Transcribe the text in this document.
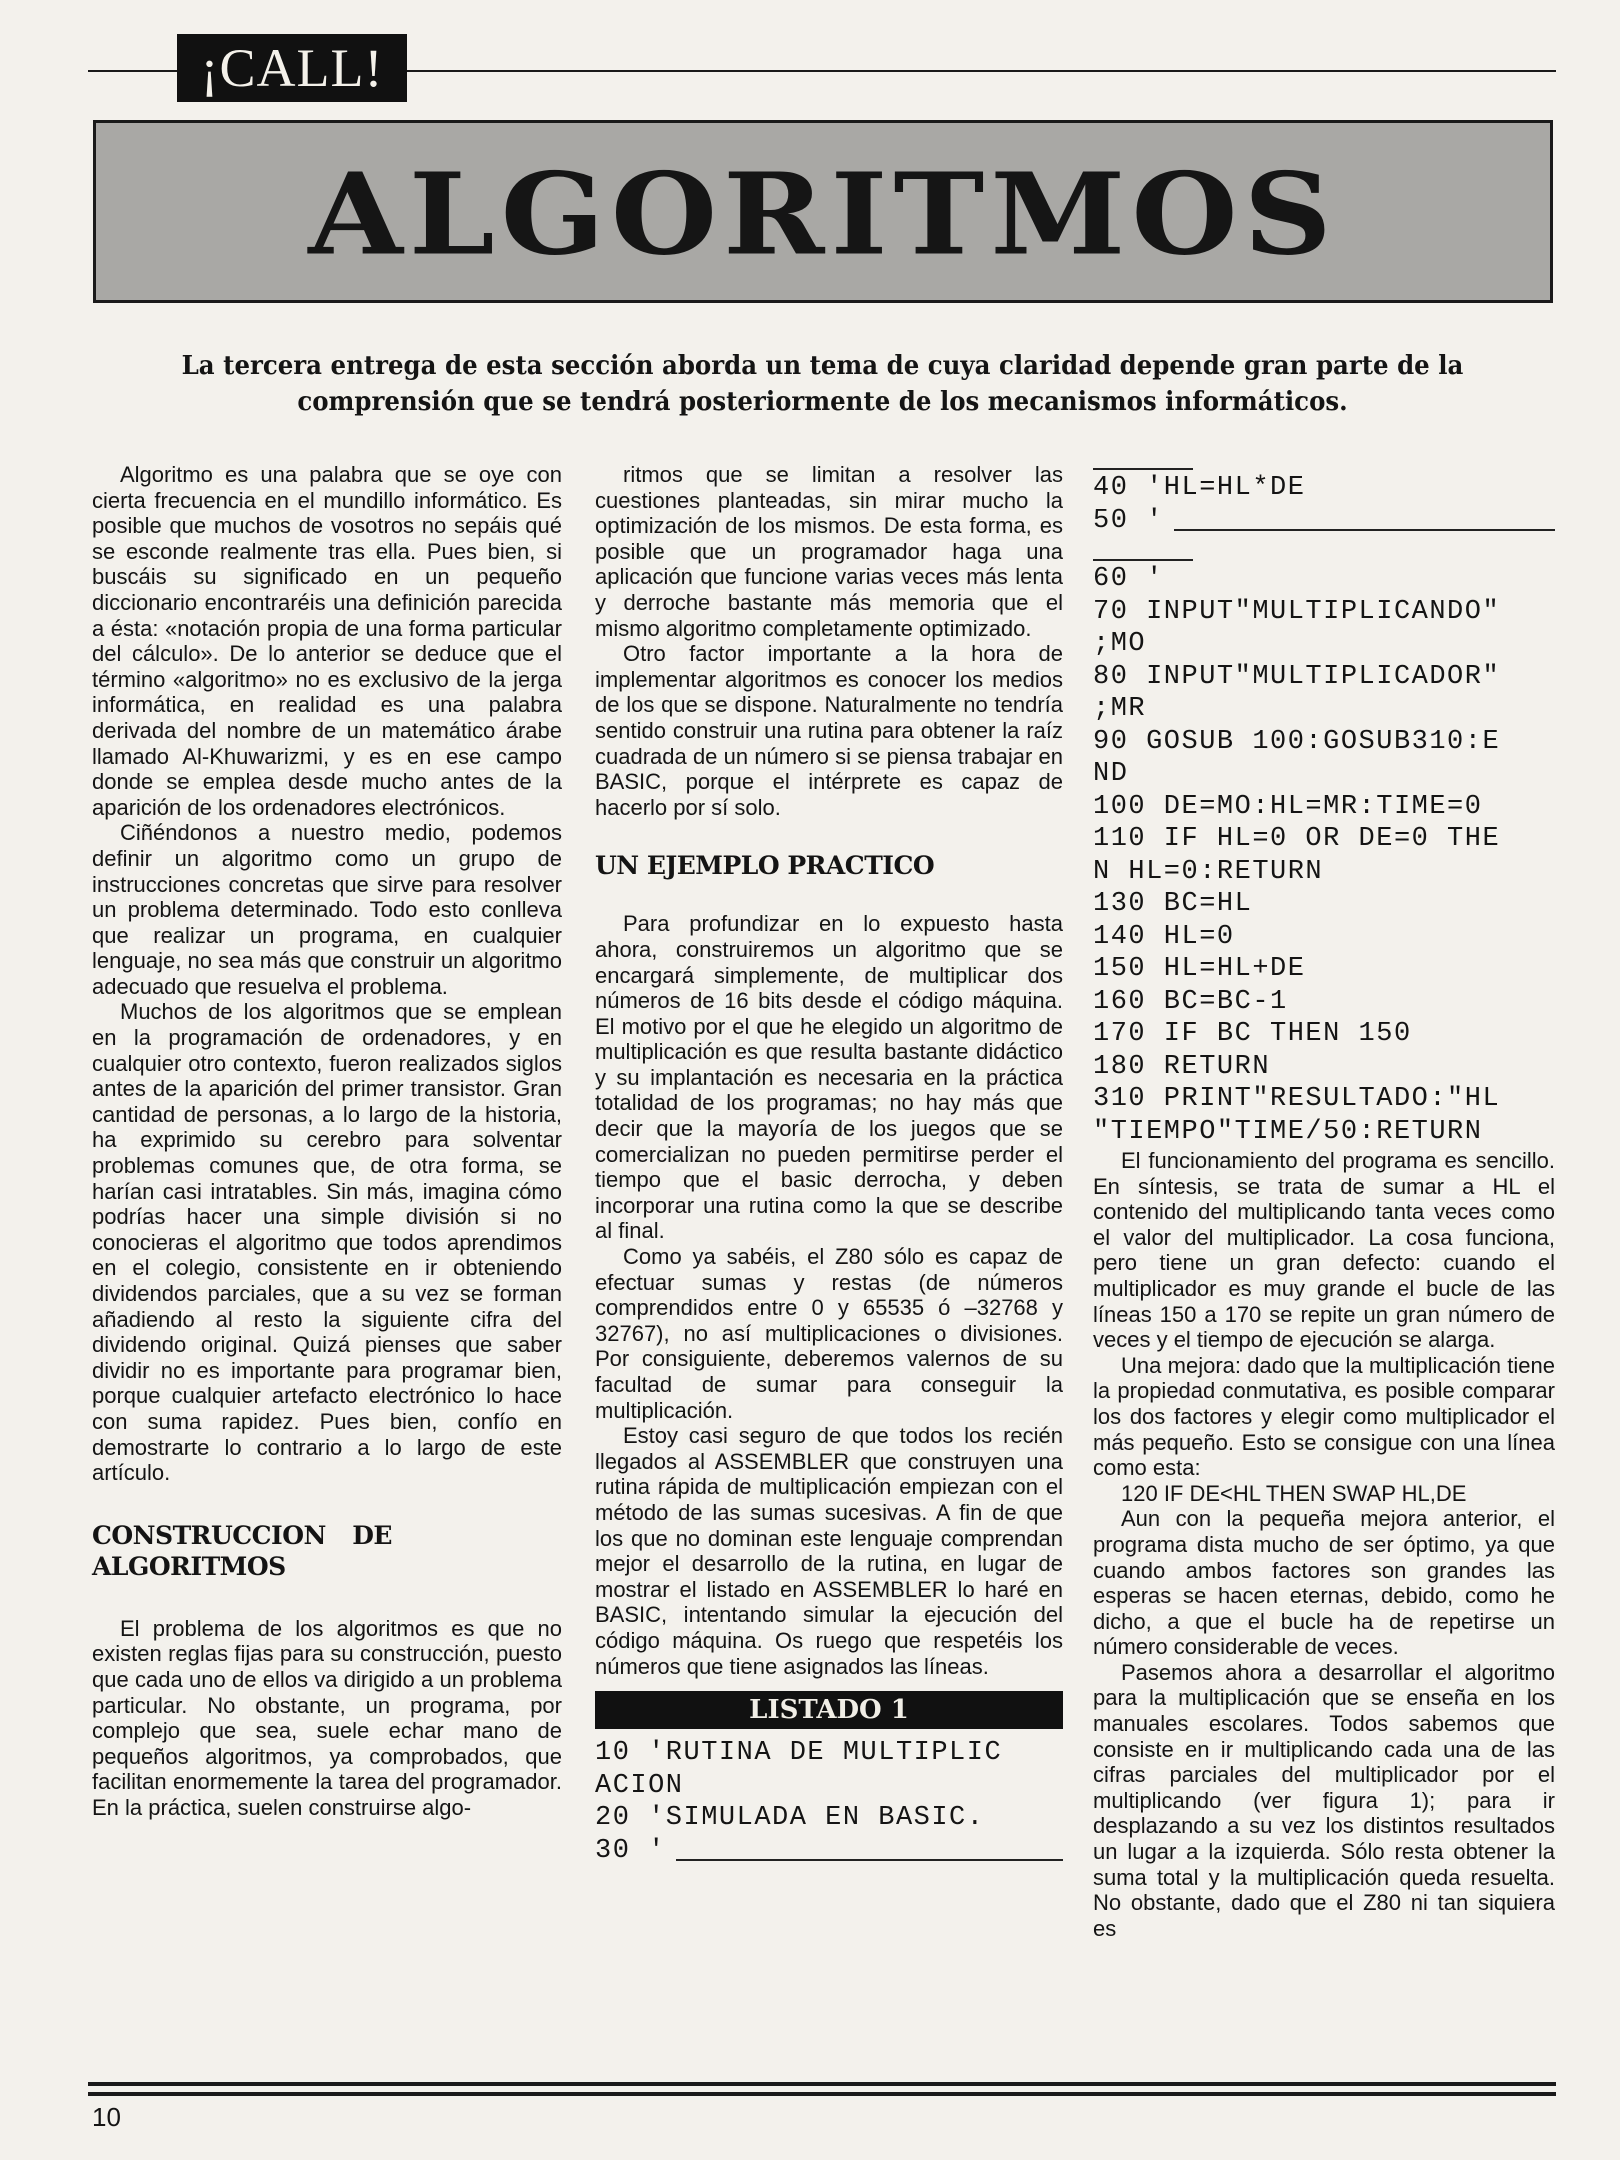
¡CALL!
ALGORITMOS
La tercera entrega de esta sección aborda un tema de cuya claridad depende gran parte de la comprensión que se tendrá posteriormente de los mecanismos informáticos.

Algoritmo es una palabra que se oye con cierta frecuencia en el mundillo informático. Es posible que muchos de vosotros no sepáis qué se esconde realmente tras ella. Pues bien, si buscáis su significado en un pequeño diccionario encontraréis una definición parecida a ésta: «notación propia de una forma particular del cálculo». De lo anterior se deduce que el término «algoritmo» no es exclusivo de la jerga informática, en realidad es una palabra derivada del nombre de un matemático árabe llamado Al-Khuwarizmi, y es en ese campo donde se emplea desde mucho antes de la aparición de los ordenadores electrónicos.

Ciñéndonos a nuestro medio, podemos definir un algoritmo como un grupo de instrucciones concretas que sirve para resolver un problema determinado. Todo esto conlleva que realizar un programa, en cualquier lenguaje, no sea más que construir un algoritmo adecuado que resuelva el problema.

Muchos de los algoritmos que se emplean en la programación de ordenadores, y en cualquier otro contexto, fueron realizados siglos antes de la aparición del primer transistor. Gran cantidad de personas, a lo largo de la historia, ha exprimido su cerebro para solventar problemas comunes que, de otra forma, se harían casi intratables. Sin más, imagina cómo podrías hacer una simple división si no conocieras el algoritmo que todos aprendimos en el colegio, consistente en ir obteniendo dividendos parciales, que a su vez se forman añadiendo al resto la siguiente cifra del dividendo original. Quizá pienses que saber dividir no es importante para programar bien, porque cualquier artefacto electrónico lo hace con suma rapidez. Pues bien, confío en demostrarte lo contrario a lo largo de este artículo.

CONSTRUCCION DE ALGORITMOS

El problema de los algoritmos es que no existen reglas fijas para su construcción, puesto que cada uno de ellos va dirigido a un problema particular. No obstante, un programa, por complejo que sea, suele echar mano de pequeños algoritmos, ya comprobados, que facilitan enormemente la tarea del programador. En la práctica, suelen construirse algo-

ritmos que se limitan a resolver las cuestiones planteadas, sin mirar mucho la optimización de los mismos. De esta forma, es posible que un programador haga una aplicación que funcione varias veces más lenta y derroche bastante más memoria que el mismo algoritmo completamente optimizado.

Otro factor importante a la hora de implementar algoritmos es conocer los medios de los que se dispone. Naturalmente no tendría sentido construir una rutina para obtener la raíz cuadrada de un número si se piensa trabajar en BASIC, porque el intérprete es capaz de hacerlo por sí solo.

UN EJEMPLO PRACTICO

Para profundizar en lo expuesto hasta ahora, construiremos un algoritmo que se encargará simplemente, de multiplicar dos números de 16 bits desde el código máquina. El motivo por el que he elegido un algoritmo de multiplicación es que resulta bastante didáctico y su implantación es necesaria en la práctica totalidad de los programas; no hay más que decir que la mayoría de los juegos que se comercializan no pueden permitirse perder el tiempo que el basic derrocha, y deben incorporar una rutina como la que se describe al final.

Como ya sabéis, el Z80 sólo es capaz de efectuar sumas y restas (de números comprendidos entre 0 y 65535 ó –32768 y 32767), no así multiplicaciones o divisiones. Por consiguiente, deberemos valernos de su facultad de sumar para conseguir la multiplicación.

Estoy casi seguro de que todos los recién llegados al ASSEMBLER que construyen una rutina rápida de multiplicación empiezan con el método de las sumas sucesivas. A fin de que los que no dominan este lenguaje comprendan mejor el desarrollo de la rutina, en lugar de mostrar el listado en ASSEMBLER lo haré en BASIC, intentando simular la ejecución del código máquina. Os ruego que respetéis los números que tiene asignados las líneas.

LISTADO 1
10 'RUTINA DE MULTIPLIC
ACION
20 'SIMULADA EN BASIC.
30 '
40 'HL=HL*DE
50 '
60 '
70 INPUT"MULTIPLICANDO"
;MO
80 INPUT"MULTIPLICADOR"
;MR
90 GOSUB 100:GOSUB310:E
ND
100 DE=MO:HL=MR:TIME=0
110 IF HL=0 OR DE=0 THE
N HL=0:RETURN
130 BC=HL
140 HL=0
150 HL=HL+DE
160 BC=BC-1
170 IF BC THEN 150
180 RETURN
310 PRINT"RESULTADO:"HL
"TIEMPO"TIME/50:RETURN

El funcionamiento del programa es sencillo. En síntesis, se trata de sumar a HL el contenido del multiplicando tanta veces como el valor del multiplicador. La cosa funciona, pero tiene un gran defecto: cuando el multiplicador es muy grande el bucle de las líneas 150 a 170 se repite un gran número de veces y el tiempo de ejecución se alarga.

Una mejora: dado que la multiplicación tiene la propiedad conmutativa, es posible comparar los dos factores y elegir como multiplicador el más pequeño. Esto se consigue con una línea como esta:

120 IF DE<HL THEN SWAP HL,DE

Aun con la pequeña mejora anterior, el programa dista mucho de ser óptimo, ya que cuando ambos factores son grandes las esperas se hacen eternas, debido, como he dicho, a que el bucle ha de repetirse un número considerable de veces.

Pasemos ahora a desarrollar el algoritmo para la multiplicación que se enseña en los manuales escolares. Todos sabemos que consiste en ir multiplicando cada una de las cifras parciales del multiplicador por el multiplicando (ver figura 1); para ir desplazando a su vez los distintos resultados un lugar a la izquierda. Sólo resta obtener la suma total y la multiplicación queda resuelta. No obstante, dado que el Z80 ni tan siquiera es

10
